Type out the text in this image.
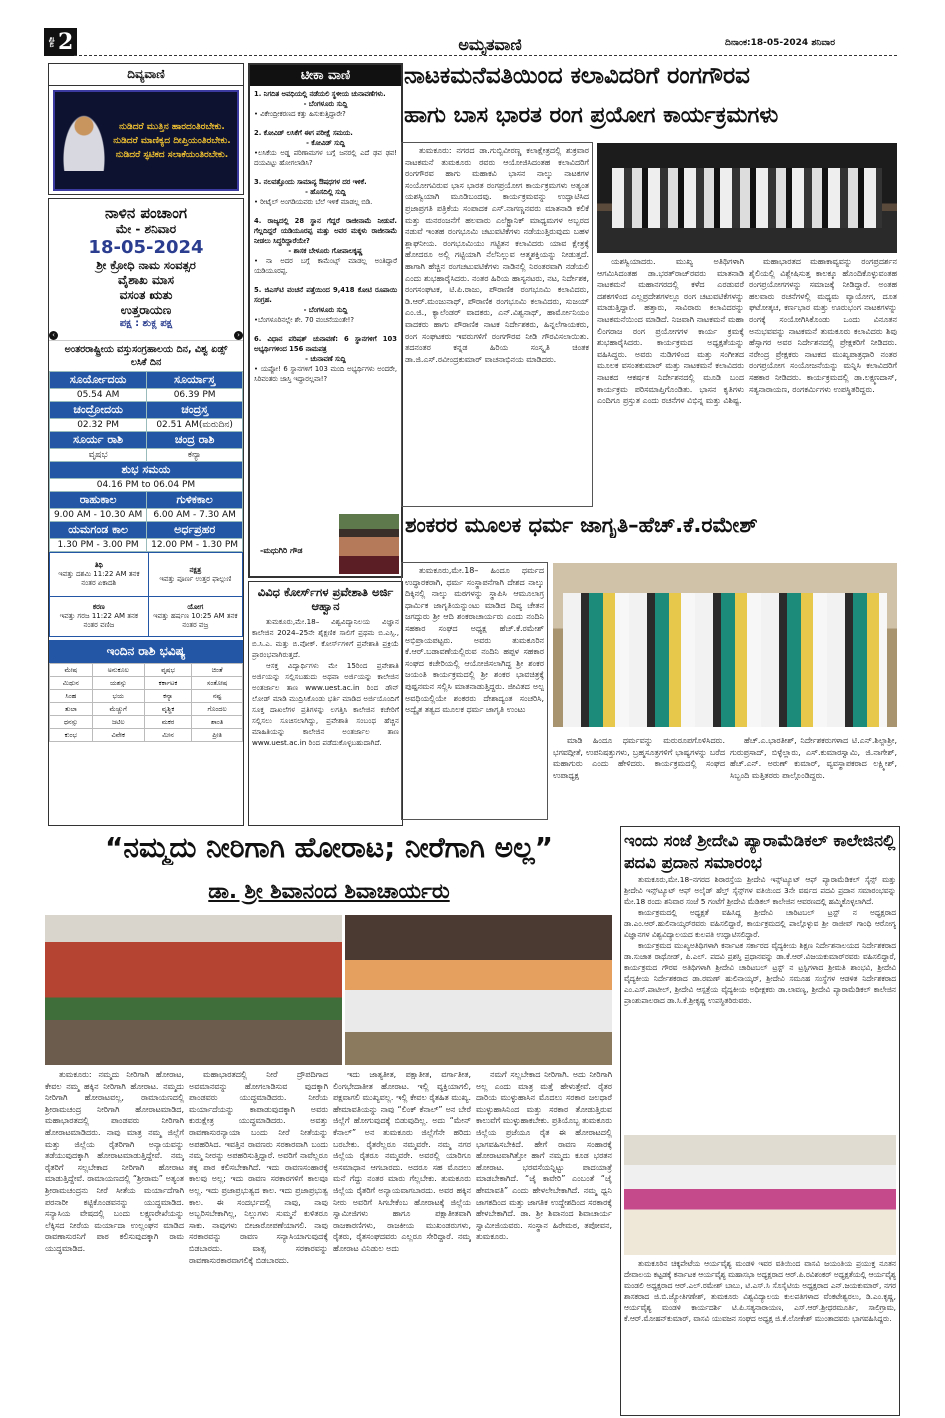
ಪುಟ 2	ಅಮೃತವಾಣಿ	ದಿನಾಂಕ:18-05-2024 ಶನಿವಾರ
ದಿವ್ಯವಾಣಿ
ನುಡಿದರೆ ಮುತ್ತಿನ ಹಾರದಂತಿರಬೇಕು. ನುಡಿದರೆ ಮಾಣಿಕ್ಯದ ದೀಪ್ತಿಯಂತಿರಬೇಕು. ನುಡಿದರೆ ಸ್ಫಟಿಕದ ಸಲಾಕೆಯಂತಿರಬೇಕು.
ನಾಳಿನ ಪಂಚಾಂಗ
ಮೇ - ಶನಿವಾರ
18-05-2024
ಶ್ರೀ ಕ್ರೋಧಿ ನಾಮ ಸಂವತ್ಸರ
ವೈಶಾಖ ಮಾಸ
ವಸಂತ ಋತು
ಉತ್ತರಾಯಣ
ಪಕ್ಷ : ಶುಕ್ಲ ಪಕ್ಷ
‹	›
ಅಂತರರಾಷ್ಟ್ರೀಯ ವಸ್ತುಸಂಗ್ರಹಾಲಯ ದಿನ, ವಿಶ್ವ ಏಡ್ಸ್ ಲಸಿಕೆ ದಿನ
ಸೂರ್ಯೋದಯ	ಸೂರ್ಯಾಸ್ತ
05.54 AM	06.39 PM
ಚಂದ್ರೋದಯ	ಚಂದ್ರಸ್ತ
02.32 PM	02.51 AM(ಮರುದಿನ)
ಸೂರ್ಯ ರಾಶಿ	ಚಂದ್ರ ರಾಶಿ
ವೃಷಭ	ಕನ್ಯಾ
ಶುಭ ಸಮಯ	
04.16 PM to 06.04 PM	
ರಾಹುಕಾಲ	ಗುಳಿಕಕಾಲ
9.00 AM - 10.30 AM	6.00 AM - 7.30 AM
ಯಮಗಂಡ ಕಾಲ	ಅರ್ಧಪ್ರಹರ
1.30 PM - 3.00 PM	12.00 PM - 1.30 PM
ತಿಥಿ
ಇವತ್ತು ದಶಮಿ 11:22 AM ತನಕ ನಂತರ ಏಕಾದಶಿ	ನಕ್ಷತ್ರ
ಇವತ್ತು ಪೂರ್ಣ ಉತ್ತರ ಫಾಲ್ಗುಣಿ
ಕರಣ
ಇವತ್ತು ಗರಜ 11:22 AM ತನಕ ನಂತರ ವಣಿಜ	ಯೋಗ
ಇವತ್ತು ಹರ್ಷಣ 10:25 AM ತನಕ ನಂತರ ವಜ್ರ
ಇಂದಿನ ರಾಶಿ ಭವಿಷ್ಯ
ಮೇಷ	ಅನುಕೂಲ	ವೃಷಭ	ಚಿಂತೆ
ಮಿಥುನ	ಯಶಸ್ಸು	ಕರ್ಕಾಟಕ	ಸಂತೋಷ
ಸಿಂಹ	ಭಯ	ಕನ್ಯಾ	ನಷ್ಟ
ತುಲಾ	ಮೆಚ್ಚುಗೆ	ವೃಶ್ಚಿಕ	ಗೊಂದಲ
ಧನಸ್ಸು	ಜಟಿಲ	ಮಕರ	ಶಾಂತಿ
ಕುಂಭ	ವಿವೇಕ	ಮೀನ	ಪ್ರೀತಿ
ಟೀಕಾ ವಾಣಿ
1. ನಿಗದಿತ ಅವಧಿಯಲ್ಲಿ ನಡೆಯಲಿ ಸ್ಥಳೀಯ ಚುನಾವಣೆಗಳು.
- ಬೆಂಗಳೂರು ಸುದ್ದಿ
• ವಿಕೇಂದ್ರೀಕರಣದ ಕತ್ತು ಹಿಸುಕುತ್ತಿದ್ದಾರೇ?
2. ಕೋವಿಡ್ ಲಸಿಕೆಗೆ ಈಗ ಪರೀಕ್ಷೆ ಸಮಯ.
- ಕೋವಿಡ್ ಸುದ್ದಿ
•ಲಸಿಕೆಯ ಅಡ್ಡ ಪರಿಣಾಮಗಳ ಬಗ್ಗೆ ಜನರಲ್ಲಿ ಎದೆ ಢವ ಢವ! ದಯವಿಟ್ಟು ಹೋಗಲಾಡಿಸಿ?
3. ನಲವತ್ತೊಂದು ಸಾಮಾನ್ಯ ಔಷಧಗಳ ದರ ಇಳಿಕೆ.
- ಹೊಸದಿಲ್ಲಿ ಸುದ್ದಿ
• ರೀಟೈಲ್ ಅಂಗಡಿಯವರು ಬೆಲೆ ಇಳಿಕೆ ಮಾಡಲ್ಲ ಬಿಡಿ.
4. ರಾಜ್ಯದಲ್ಲಿ 28 ಸ್ಥಾನ ಗೆದ್ದರೆ ರಾಜೀನಾಮೆ ನೀಡುವೆ. ಗೆಲ್ಲದಿದ್ದರೆ ಯಡಿಯೂರಪ್ಪ ಮತ್ತು ಅವರ ಮಕ್ಕಳು ರಾಜೀನಾಮೆ ನೀಡಲು ಸಿದ್ಧರಿದ್ದಾರೆಯೇ?
- ಶಾಸಕ ಬೇಳೂರು ಗೋಪಾಲಕೃಷ್ಣ
• ನಾ ಅದರ ಬಗ್ಗೆ ಕಾಮೆಂಟ್ಸ್ ಮಾಡಲ್ಲ ಅಂತಿದ್ದಾರೆ ಯಡಿಯೂರಪ್ಪ.
5. ಜಿಎಸ್‌ಟಿ ವಂಚನೆ ಪತ್ತೆಯಿಂದ 9,418 ಕೋಟಿ ರೂಪಾಯಿ ಸಂಗ್ರಹ.
- ಬೆಂಗಳೂರು ಸುದ್ದಿ
•ಬೆಂಗಳೂರಿನಲ್ಲೇ ಶೇ. 70 ವಂಚನೆಯಂತೇ!?
6. ವಿಧಾನ ಪರಿಷತ್ ಚುನಾವಣೆ: 6 ಸ್ಥಾನಗಳಿಗೆ 103 ಅಭ್ಯರ್ಥಿಗಳಿಂದ 156 ನಾಮಪತ್ರ
- ಚುನಾವಣೆ ಸುದ್ದಿ
• ಯಪ್ಪೋ! 6 ಸ್ಥಾನಗಳಿಗೆ 103 ಮಂದಿ ಅಭ್ಯರ್ಥಿಗಳು ಅಂದರೇ, ಸಿರಿವಂತರು ಜಾಸ್ತಿ ಇದ್ದಾರಲ್ಲವಾ!?
-ಮಧುಗಿರಿ ಗೌಡ
ವಿವಿಧ ಕೋರ್ಸ್‌ಗಳ ಪ್ರವೇಶಾತಿ ಅರ್ಜಿ ಆಹ್ವಾನ

ತುಮಕೂರು,ಮೇ.18– ವಿಶ್ವವಿದ್ಯಾನಿಲಯ ವಿಜ್ಞಾನ ಕಾಲೇಜಿನ 2024–25ನೇ ಶೈಕ್ಷಣಿಕ ಸಾಲಿಗೆ ಪ್ರಥಮ ಬಿ.ಎಸ್ಸಿ., ಬಿ.ಸಿ.ಎ. ಮತ್ತು ಬಿ.ವೋಕ್. ಕೋರ್ಸ್‌ಗಳಿಗೆ ಪ್ರವೇಶಾತಿ ಪ್ರಕ್ರಿಯೆ ಪ್ರಾರಂಭವಾಗಿರುತ್ತದೆ.

ಆಸಕ್ತ ವಿದ್ಯಾರ್ಥಿಗಳು ಮೇ 15ರಿಂದ ಪ್ರವೇಶಾತಿ ಅರ್ಜಿಯನ್ನು ಸಲ್ಲಿಸಬಹುದು ಅಥವಾ ಅರ್ಜಿಯನ್ನು ಕಾಲೇಜಿನ ಅಂತರ್ಜಾಲ ತಾಣ www.uest.ac.in ರಿಂದ ಡೌನ್ ಲೋಡ್ ಮಾಡಿ ಮುದ್ರಿಸಿಕೊಂಡು ಭರ್ತಿ ಮಾಡಿದ ಅರ್ಜಿಯೊಂದಿಗೆ ಸೂಕ್ತ ದಾಖಲೆಗಳ ಪ್ರತಿಗಳನ್ನು ಲಗತ್ತಿಸಿ ಕಾಲೇಜಿನ ಕಚೇರಿಗೆ ಸಲ್ಲಿಸಲು ಸೂಚಿಸಲಾಗಿದ್ದು, ಪ್ರವೇಶಾತಿ ಸಂಬಂಧ ಹೆಚ್ಚಿನ ಮಾಹಿತಿಯನ್ನು ಕಾಲೇಜಿನ ಅಂತರ್ಜಾಲ ತಾಣ www.uest.ac.in ರಿಂದ ಪಡೆದುಕೊಳ್ಳಬಹುದಾಗಿದೆ.

ನಾಟಕಮನೆವತಿಯಿಂದ ಕಲಾವಿದರಿಗೆ ರಂಗಗೌರವ
ಹಾಗು ಬಾಸ ಭಾರತ ರಂಗ ಪ್ರಯೋಗ ಕಾರ್ಯಕ್ರಮಗಳು

ತುಮಕೂರು: ನಗರದ ಡಾ.ಗುಬ್ಬಿವೀರಣ್ಣ ಕಲಾಕ್ಷೇತ್ರದಲ್ಲಿ ಶುಕ್ರವಾರ ನಾಟಕಮನೆ ತುಮಕೂರು ರವರು ಆಯೋಜಿಸಿದಂತಹ ಕಲಾವಿದರಿಗೆ ರಂಗಗೌರವ ಹಾಗು ಮಹಾಕವಿ ಭಾಸನ ನಾಲ್ಕು ನಾಟಕಗಳ ಸಂಯೋಗವಿರುವ ಭಾಸ ಭಾರತ ರಂಗಪ್ರಯೋಗ ಕಾರ್ಯಕ್ರಮಗಳು ಅತ್ಯಂತ ಯಶಸ್ವಿಯಾಗಿ ಮೂಡಿಬಂದವು. ಕಾರ್ಯಕ್ರಮವನ್ನು ಉದ್ಘಾಟಿಸಿದ ಪ್ರಜಾಪ್ರಗತಿ ಪತ್ರಿಕೆಯ ಸಂಪಾದಕ ಎಸ್.ನಾಗಣ್ಣನವರು ಮಾತನಾಡಿ ಕಲಿಕೆ ಮತ್ತು ಮನರಂಜನೆಗೆ ಹಲವಾರು ಎಲೆಕ್ಟ್ರಾನಿಕ್ ಮಾಧ್ಯಮಗಳ ಅಬ್ಬರದ ನಡುವೆ ಇಂತಹ ರಂಗಭೂಮಿ ಚಟುವಟಿಕೆಗಳು ನಡೆಯುತ್ತಿರುವುದು ಬಹಳ ಶ್ಲಾಘನೀಯ. ರಂಗಭೂಮಿಯು ಗಟ್ಟಿತನ ಕಲಾವಿದರು ಯಾವ ಕ್ಷೇತ್ರಕ್ಕೆ ಹೋದರೂ ಅಲ್ಲಿ ಗಟ್ಟಿಯಾಗಿ ನೆಲೆನಿಲ್ಲುವ ಆತ್ಮಶಕ್ತಿಯನ್ನು ನೀಡುತ್ತದೆ. ಹಾಗಾಗಿ ಹೆಚ್ಚಿನ ರಂಗಚಟುವಟಿಕೆಗಳು ನಾಡಿನಲ್ಲಿ ನಿರಂತರವಾಗಿ ನಡೆಯಲಿ ಎಂದು ಶುಭಹಾರೈಸಿದರು. ನಂತರ ಹಿರಿಯ ಹಾಸ್ಯನಟರು, ನಟ, ನಿರ್ದೇಶಕ, ರಂಗಸಂಘಟಕ, ಟಿ.ಪಿ.ರಾಜು, ಪೌರಾಣಿಕ ರಂಗಭೂಮಿ ಕಲಾವಿದರು, ಡಿ.ಆರ್.ಮಂಜುನಾಥ್, ಪೌರಾಣಿಕ ರಂಗಭೂಮಿ ಕಲಾವಿದರು, ಸುಜಯ್ ಎಂ.ಜಿ., ಕ್ಯಾಲೆಂಡರ್ ವಾದಕರು, ಎನ್.ವಿಶ್ವನಾಥ್, ಹಾರ್ಮೋನಿಯಂ ವಾದಕರು ಹಾಗು ಪೌರಾಣಿಕ ನಾಟಕ ನಿರ್ದೇಶಕರು, ಹಿನ್ನಲೆಗಾಯಕರು, ರಂಗ ಸಂಘಟಕರು ಇವರುಗಳಿಗೆ ರಂಗಗೌರವ ನೀಡಿ ಗೌರವಿಸಲಾಯಿತು. ತದನಂತರ ಕನ್ನಡ ಹಿರಿಯ ಸಂಸ್ಕೃತಿ ಚಿಂತಕ ಡಾ.ಜಿ.ಎಸ್.ರವೀಂದ್ರಕುಮಾರ್ ವಾಚನಾಭಿನಯ ಮಾಡಿದರು.

ಯಶಸ್ವಿಯಾದರು. ಮುಖ್ಯ ಅತಿಥಿಗಳಾಗಿ ಆಗಮಿಸಿದಂತಹ ಡಾ.ಭರತ್‌ರಾಜ್‌ರವರು ಮಾತನಾಡಿ ನಾಟಕಮನೆ ಮಹಾನಗರದಲ್ಲಿ ಕಳೆದ ಎರಡುವರೆ ದಶಕಗಳಿಂದ ಎಲ್ಲಪ್ರದೇಶಗಳಲ್ಲೂ ರಂಗ ಚಟುವಟಿಕೆಗಳನ್ನು ಮಾಡುತ್ತಿದ್ದಾರೆ. ಹತ್ತಾರು, ಸಾವಿರಾರು ಕಲಾವಿದರನ್ನು ನಾಟಕಮನೆಯಿಂದ ಮಾಡಿದೆ. ನಿಜವಾಗಿ ನಾಟಕಮನೆ ಮಹಾ ಲಿಂಗರಾಜ ರಂಗ ಪ್ರಯೋಗಗಳ ಕಾರ್ಯ ಕ್ರಮಕ್ಕೆ ಶುಭಹಾರೈಸಿದರು. ಕಾರ್ಯಕ್ರಮದ ಅಧ್ಯಕ್ಷತೆಯನ್ನು ವಹಿಸಿದ್ದರು. ಅವರು ನುಡಿಗಳಿಂದ ಮತ್ತು ಸಂಗೀತದ ಮೂಲಕ ವಸಂತಕುಮಾರ್ ಮತ್ತು ನಾಟಕಮನೆ ಕಲಾವಿದರು ನಾಟಕದ ಆಕರ್ಷಕ ನಿರ್ದೇಶನದಲ್ಲಿ ಮೂಡಿ ಬಂದ ಕಾರ್ಯಕ್ರಮ ಪರಿಸಮಾಪ್ತಿಗೊಂಡಿತು. ಭಾಸನ ಕೃತಿಗಳು ಎಂದಿಗೂ ಪ್ರಸ್ತುತ ಎಂದು ರಚನೆಗಳ ವಿಭಿನ್ನ ಮತ್ತು ವಿಶಿಷ್ಟ.

ಮಹಾಭಾರತದ ಮಹಾಕಾವ್ಯವನ್ನು ರಂಗಪ್ರದರ್ಶನ ಶೈಲಿಯಲ್ಲಿ ವಿಶ್ಲೇಷಿಸುತ್ತ ಕಾಲಕ್ಕೂ ಹೊಂದಿಕೊಳ್ಳುವಂತಹ ರಂಗಪ್ರಯೋಗಗಳನ್ನು ಸಮಾಜಕ್ಕೆ ನೀಡಿದ್ದಾರೆ. ಅಂತಹ ಹಲವಾರು ರಚನೆಗಳಲ್ಲಿ ಮಧ್ಯಮ ವ್ಯಾಯೋಗ, ದೂತ ಘಟೋತ್ಕಚ, ಕರ್ಣಭಾರ ಮತ್ತು ಊರುಭಂಗ ನಾಟಕಗಳನ್ನು ರಂಗಕ್ಕೆ ಸಂಯೋಗಿಸಿಕೊಂಡು ಒಂದು ವಿನೂತನ ಅನುಭವವನ್ನು ನಾಟಕಮನೆ ತುಮಕೂರು ಕಲಾವಿದರು ಶಿವು ಹೆಸ್ಸಾಗರ ಅವರ ನಿರ್ದೇಶನದಲ್ಲಿ ಪ್ರೇಕ್ಷಕರಿಗೆ ನೀಡಿದರು. ನರೇಂದ್ರ ಪ್ರೇಕ್ಷಕರು ನಾಟಕದ ಮುಖ್ಯಪಾತ್ರಧಾರಿ ನಂತರ ರಂಗಪ್ರಯೋಗ ಸಂಯೋಜನೆಯನ್ನು ಮನ್ನಿಸಿ ಕಲಾವಿದರಿಗೆ ಸಹಕಾರ ನೀಡಿದರು. ಕಾರ್ಯಕ್ರಮದಲ್ಲಿ ಡಾ.ಲಕ್ಷ್ಮಣದಾಸ್, ಸತ್ಯನಾರಾಯಣ, ರಂಗಕರ್ಮಿಗಳು ಉಪಸ್ಥಿತರಿದ್ದರು.

ಶಂಕರರ ಮೂಲಕ ಧರ್ಮ ಜಾಗೃತಿ–ಹೆಚ್.ಕೆ.ರಮೇಶ್

ತುಮಕೂರು,ಮೇ.18– ಹಿಂದೂ ಧರ್ಮದ ಉದ್ಧಾರಕರಾಗಿ, ಧರ್ಮ ಸಂಸ್ಥಾಪನೆಗಾಗಿ ದೇಶದ ನಾಲ್ಕು ದಿಕ್ಕಿನಲ್ಲಿ ನಾಲ್ಕು ಮಠಗಳನ್ನು ಸ್ಥಾಪಿಸಿ ಆಮೂಲಾಗ್ರ ಧಾರ್ಮಿಕ ಜಾಗೃತಿಯನ್ನುಂಟು ಮಾಡಿದ ದಿವ್ಯ ಚೇತನ ಜಗದ್ಗುರು ಶ್ರೀ ಆದಿ ಶಂಕರಾಚಾರ್ಯರು ಎಂದು ನಂದಿನಿ ಸಹಕಾರ ಸಂಘದ ಅಧ್ಯಕ್ಷ ಹೆಚ್.ಕೆ.ರಮೇಶ್ ಅಭಿಪ್ರಾಯಪಟ್ಟರು. ಅವರು ತುಮಕೂರಿನ ಕೆ.ಆರ್.ಬಡಾವಣೆಯಲ್ಲಿರುವ ನಂದಿನಿ ಹಪ್ಪಳ ಸಹಕಾರ ಸಂಘದ ಕಚೇರಿಯಲ್ಲಿ ಆಯೋಜಿಸಲಾಗಿದ್ದ ಶ್ರೀ ಶಂಕರ ಜಯಂತಿ ಕಾರ್ಯಕ್ರಮದಲ್ಲಿ ಶ್ರೀ ಶಂಕರ ಭಾವಚಿತ್ರಕ್ಕೆ ಪುಷ್ಪನಮನ ಸಲ್ಲಿಸಿ ಮಾತನಾಡುತ್ತಿದ್ದರು. ಜೀವಿತದ ಅಲ್ಪ ಅವಧಿಯಲ್ಲಿಯೇ ಶಂಕರರು ದೇಶಾದ್ಯಂತ ಸಂಚರಿಸಿ, ಅದ್ವೈತ ತತ್ವದ ಮೂಲಕ ಧರ್ಮ ಜಾಗೃತಿ ಉಂಟು

ಮಾಡಿ ಹಿಂದೂ ಧರ್ಮವನ್ನು ಮರುರೂಪಗೊಳಿಸಿದರು. ಭಗವದ್ಗೀತೆ, ಉಪನಿಷತ್ತುಗಳು, ಬ್ರಹ್ಮಸೂತ್ರಗಳಿಗೆ ಭಾಷ್ಯಗಳನ್ನು ಬರೆದ ಮಹಾಗುರು ಎಂದು ಹೇಳಿದರು. ಕಾರ್ಯಕ್ರಮದಲ್ಲಿ ಸಂಘದ ಉಪಾಧ್ಯಕ್ಷ

ಹೆಚ್.ಎ.ಭಾರತೀಶ್, ನಿರ್ದೇಶಕರುಗಳಾದ ಟಿ.ಎನ್.ಶಿಲ್ಪಾಶ್ರೀ, ಗುರುಪ್ರಸಾದ್, ಬಿಳ್ಳೆಲ್ಲಾರು, ಎಸ್.ಕುಮಾರಸ್ವಾಮಿ, ಜಿ.ನಾಗೇಶ್, ಹೆಚ್.ಎನ್. ಅರುಣ್ ಕುಮಾರ್, ವ್ಯವಸ್ಥಾಪಕರಾದ ಲಕ್ಷ್ಮೀಶ್, ಸಿಬ್ಬಂದಿ ಮತ್ತಿತರರು ಪಾಲ್ಗೊಂಡಿದ್ದರು.

“ನಮ್ಮದು ನೀರಿಗಾಗಿ ಹೋರಾಟ; ನೀರೆಗಾಗಿ ಅಲ್ಲ”
ಡಾ. ಶ್ರೀ ಶಿವಾನಂದ ಶಿವಾಚಾರ್ಯರು

ತುಮಕೂರು: ನಮ್ಮದು ನೀರಿಗಾಗಿ ಹೋರಾಟ, ಕೇವಲ ನಮ್ಮ ಹಕ್ಕಿನ ನೀರಿಗಾಗಿ ಹೋರಾಟ. ನಮ್ಮದು ನೀರಿಗಾಗಿ ಹೋರಾಟವಲ್ಲ, ರಾಮಾಯಣದಲ್ಲಿ ಶ್ರೀರಾಮಚಂದ್ರ ನೀರಿಗಾಗಿ ಹೋರಾಟಮಾಡಿದ, ಮಹಾಭಾರತದಲ್ಲಿ ಪಾಂಡವರು ನೀರಿಗಾಗಿ ಹೋರಾಟಮಾಡಿದರು. ನಾವು ಮಾತ್ರ ನಮ್ಮ ಜಿಲ್ಲೆಗೆ ಮತ್ತು ಜಿಲ್ಲೆಯ ರೈತರಿಗಾಗಿ ಅನ್ಯಾಯವನ್ನು ತಡೆಯುವುದಕ್ಕಾಗಿ ಹೋರಾಟಮಾಡುತ್ತಿದ್ದೇವೆ. ನಮ್ಮ ರೈತರಿಗೆ ಸಲ್ಲಬೇಕಾದ ನೀರಿಗಾಗಿ ಹೋರಾಟ ಮಾಡುತ್ತಿದ್ದೇವೆ. ರಾಮಾಯಣದಲ್ಲಿ “ಶ್ರೀರಾಮ” ಅತ್ಯಂತ ಶ್ರೀರಾಮಚಂದ್ರನು ನೀರೆ ಸೀತೆಯ ಮರ್ಯಾದೆಗಾಗಿ ಪರನಾರೀ ಕಟ್ಟಿಕೊಂಡವನನ್ನು ಯುದ್ಧಮಾಡಿದ. ಸನ್ಯಾಸಿಯ ವೇಷದಲ್ಲಿ ಬಂದು ಲಕ್ಷ್ಮಣರೇಖೆಯನ್ನು ಲೆಕ್ಕಿಸದ ನೀರೆಯ ಮರ್ಯಾದಾ ಉಲ್ಲಂಘನ ಮಾಡಿದ ರಾವಣಾಸುರನಿಗೆ ಪಾಠ ಕಲಿಸುವುದಕ್ಕಾಗಿ ರಾಮ ಯುದ್ಧಮಾಡಿದ.

ಮಹಾಭಾರತದಲ್ಲಿ ನೀರೆ ದ್ರೌಪದಿಗಾದ ಅವಮಾನವನ್ನು ಹೋಗಲಾಡಿಸುವ ವುದಕ್ಕಾಗಿ ಪಾಂಡವರು ಯುದ್ಧಮಾಡಿದರು. ನೀರೆಯ ಮರ್ಯಾದೆಯನ್ನು ಕಾಪಾಡುವುದಕ್ಕಾಗಿ ಅವರು ಕುರುಕ್ಷೇತ್ರ ಯುದ್ಧಮಾಡಿದರು. ಅವತ್ತು ರಾವಣಾಸುರನ್ಯಾಯಾ ಬಂದು ನೀರೆ ನೀತೆಯನ್ನು ಅಪಹರಿಸಿದ. ಇವತ್ತಿನ ರಾವಣರು ಸರಕಾರವಾಗಿ ಬಂದು ನಮ್ಮ ನೀರನ್ನು ಅಪಹರಿಸುತ್ತಿದ್ದಾರೆ. ಅವರಿಗೆ ನಾವೆಲ್ಲರೂ ತಕ್ಕ ಪಾಠ ಕಲಿಸಬೇಕಾಗಿದೆ. ಇದು ರಾವಣಸಂಹಾರಕ್ಕೆ ಕಾಲವು ಅಲ್ಲ; ಇದು ರಾವಣ ಸರಕಾರಗಳಿಗೆ ಕಾಲವೂ ಅಲ್ಲ. ಇದು ಪ್ರಜಾಪ್ರಭುತ್ವದ ಕಾಲ. ಇದು ಪ್ರಜಾಪ್ರಭುತ್ವ ಕಾಲ. ಈ ಸಂದರ್ಭದಲ್ಲಿ ನಾವು, ನಾವು ಅಬ್ಬರಿಸಬೇಕಾಗಿಲ್ಲ, ನಿಲ್ಲುಗಳು ಸುಮ್ಮನೆ ಕುಳಿತರೂ ಸಾಕು. ನಾವುಗಳು ಬೀಜಾರೋಪಣೆಯಾಗಲಿ. ನಾವು ಸರಕಾರವನ್ನು ರಾವಣ ಸನ್ಯಾಸಿಯಾಗುವುದಕ್ಕೆ ಬಿಡಬಾರದು. ವಾತ್ಸ ಸರಕಾರವನ್ನು ರಾವಣಾಸುರಕಾರವಾಗಲಿಕ್ಕೆ ಬಿಡಬಾರದು.

ಇದು ಜಾತ್ಯತೀತ, ಪಕ್ಷಾತೀತ, ವರ್ಗಾತೀತ, ಲಿಂಗಭೇದಾತೀತ ಹೋರಾಟ. ಇಲ್ಲಿ ವ್ಯಕ್ತಿಯಾಗಲಿ, ಪಕ್ಷವಾಗಲಿ ಮುಖ್ಯವಲ್ಲ. ಇಲ್ಲಿ ಕೇವಲ ರೈತಹಿತ ಮುಖ್ಯ. ಹೇಮಾವತಿಯನ್ನು ನಾವು “ಲಿಂಕ್ ಕೆನಾಲ್” ಅನ ಬೇರೆ ಜಿಲ್ಲೆಗೆ ಹೋಗುವುದಕ್ಕೆ ಬಿಡುವುದಿಲ್ಲ. ಅದು “ಮೇನ್ ಕೆನಾಲ್” ಅನ ತುಮಕೂರು ಜಿಲ್ಲೆಗೆನೇ ಹರಿದು ಬರಬೇಕು. ರೈತರೆಲ್ಲರೂ ನಮ್ಮವರೇ. ನಮ್ಮ ನಗರ ಜಿಲ್ಲೆಯ ರೈತರೂ ನಮ್ಮವರೇ. ಅವರಲ್ಲಿ ಯಾರಿಗೂ ಅಸಮಾಧಾನ ಆಗಬಾರದು. ಅದರೂ ಸಹ ಮೊದಲು ಮನೆ ಗೆದ್ದು ನಂತರ ಮಾರು ಗೆಲ್ಲಬೇಕು. ತುಮಕೂರು ಜಿಲ್ಲೆಯ ರೈತರಿಗೆ ಅನ್ಯಾಯವಾಗಬಾರದು. ಅವರ ಹಕ್ಕಿನ ನೀರು ಅವರಿಗೆ ಸಿಗಬೇಕೆಂಬ ಹೋರಾಟಕ್ಕೆ ಜಿಲ್ಲೆಯ ಸ್ವಾಮೀಜಿಗಳು ಹಾಗೂ ಪಕ್ಷಾತೀತವಾಗಿ ರಾಜಕಾರಣಿಗಳು, ರಾಜಕೀಯ ಮುಖಂಡರುಗಳು, ರೈತರು, ರೈತಸಂಘದವರು ಎಲ್ಲರೂ ಸೇರಿದ್ದಾರೆ. ನಮ್ಮ ಹೋರಾಟ ವಿನಿಡುಲ ಅದು

ನಮಗೆ ಸಲ್ಲಬೇಕಾದ ನೀರಿಗಾಗಿ. ಅದು ನೀರಿಗಾಗಿ ಅಲ್ಲ ಎಂದು ಮಾತ್ರ ಮತ್ತೆ ಹೇಳುತ್ತೇವೆ. ರೈತರ ದಾರಿಯ ಮುಳ್ಳುಹಾಸಿನ ಮೊದಲು ಸರಕಾರ ಜಲಧಾರೆ ಮುಳ್ಳುಹಾಸಿನಿಂದ ಮತ್ತು ಸರಕಾರ ತೋಡುತ್ತಿರುವ ಕಾಲುವೆಗೆ ಮುಳ್ಳುಹಾಕಬೇಕು. ಪ್ರತಿಯೊಬ್ಬ ತುಮಕೂರು ಜಿಲ್ಲೆಯ ಪ್ರಜೆಯೂ ರೈತ ಈ ಹೋರಾಟದಲ್ಲಿ ಭಾಗವಹಿಸಬೇಕಿದೆ. ಹೇಗೆ ರಾವಣ ಸಂಹಾರಕ್ಕೆ ಹೋರಾಟವಾಗಿತ್ತೋ ಹಾಗೆ ನಮ್ಮದು ಕೂಡ ಭರತನ ಹೋರಾಟ. ಭರವಸೆಯನ್ನಿಟ್ಟು ಪಾದಯಾತ್ರೆ ಮಾಡಬೇಕಾಗಿದೆ. “ಜೈ ಕಾವೇರಿ” ಎಂಬಂತೆ “ಜೈ ಹೇಮಾವತಿ” ಎಂದು ಹೇಳಲೇಬೇಕಾಗಿದೆ. ನಮ್ಮ ಧ್ವನಿ ಜಾಗಕದಿಂದ ಮತ್ತು ಜಾಗತಿಕ ಉದ್ದೇಶದಿಂದ ಸರಕಾರಕ್ಕೆ ಹೇಳಬೇಕಾಗಿದೆ. ಡಾ. ಶ್ರೀ ಶಿವಾನಂದ ಶಿವಾಚಾರ್ಯ ಸ್ವಾಮೀಜಿಯವರು. ಸಂಸ್ಥಾನ ಹಿರೇಮಠ, ತಪೋವನ, ತುಮಕೂರು.

ಇಂದು ಸಂಜೆ ಶ್ರೀದೇವಿ ಪ್ಯಾರಾಮೆಡಿಕಲ್ ಕಾಲೇಜಿನಲ್ಲಿ ಪದವಿ ಪ್ರದಾನ ಸಮಾರಂಭ

ತುಮಕೂರು,ಮೇ.18–ನಗರದ ಶಿರಾರಸ್ತೆಯ ಶ್ರೀದೇವಿ ಇನ್ಸ್‌ಟ್ಯೂಟ್ ಆಫ್ ಪ್ಯಾರಾಮೆಡಿಕಲ್ ಸೈನ್ಸ್ ಮತ್ತು ಶ್ರೀದೇವಿ ಇನ್ಸ್‌ಟ್ಯೂಟ್ ಆಫ್ ಅಲೈಡ್ ಹೆಲ್ತ್ ಸೈನ್ಸ್‌ಗಳ ವತಿಯಿಂದ 3ನೇ ವರ್ಷದ ಪದವಿ ಪ್ರದಾನ ಸಮಾರಂಭವನ್ನು ಮೇ.18 ರಂದು ಶನಿವಾರ ಸಂಜೆ 5 ಗಂಟೆಗೆ ಶ್ರೀದೇವಿ ಮೆಡಿಕಲ್ ಕಾಲೇಜಿನ ಆವರಣದಲ್ಲಿ ಹಮ್ಮಿಕೊಳ್ಳಲಾಗಿದೆ.

ಕಾರ್ಯಕ್ರಮದಲ್ಲಿ ಅಧ್ಯಕ್ಷತೆ ವಹಿಸಿದ್ದ ಶ್ರೀದೇವಿ ಚಾರಿಟಬಲ್ ಟ್ರಸ್ಟ್ ನ ಅಧ್ಯಕ್ಷರಾದ ಡಾ.ಎಂ.ಆರ್.ಹುಲಿನಾಯ್ಕರ್‌ರವರು ವಹಿಸಲಿದ್ದಾರೆ, ಕಾರ್ಯಕ್ರಮದಲ್ಲಿ ಪಾಲ್ಗೊಳ್ಳುವ ಶ್ರೀ ರಾಜೀವ್ ಗಾಂಧಿ ಆರೋಗ್ಯ ವಿಜ್ಞಾನಗಳ ವಿಶ್ವವಿದ್ಯಾಲಯದ ಕುಲಪತಿ ಉದ್ಘಾಟಿಸಲಿದ್ದಾರೆ.

ಕಾರ್ಯಕ್ರಮದ ಮುಖ್ಯಅತಿಥಿಗಳಾಗಿ ಕರ್ನಾಟಕ ಸರ್ಕಾರದ ವೈದ್ಯಕೀಯ ಶಿಕ್ಷಣ ನಿರ್ದೇಶನಾಲಯದ ನಿರ್ದೇಶಕರಾದ ಡಾ.ಸುಜಾತ ರಾಥೋಡ್, ಪಿ.ಎಲ್. ಪದವಿ ಪ್ರಶಸ್ತಿ ಪ್ರಧಾನವನ್ನು ಡಾ.ಕೆ.ಆರ್.ವಿಜಯಕುಮಾರ್‌ರವರು ವಹಿಸಲಿದ್ದಾರೆ, ಕಾರ್ಯಕ್ರಮದ ಗೌರವ ಅತಿಥಿಗಳಾಗಿ ಶ್ರೀದೇವಿ ಚಾರಿಟಬಲ್ ಟ್ರಸ್ಟ್ ನ ಟ್ರಸ್ಟಿಗಳಾದ ಶ್ರೀಮತಿ ಶಾಂಭವಿ, ಶ್ರೀದೇವಿ ವೈದ್ಯಕೀಯ ನಿರ್ದೇಶಕರಾದ ಡಾ.ರಮಣ್ ಹುಲಿನಾಯ್ಕರ್, ಶ್ರೀದೇವಿ ಸಮೂಹ ಸಂಸ್ಥೆಗಳ ಆಡಳಿತ ನಿರ್ದೇಶಕರಾದ ಎಂ.ಎಸ್.ಪಾಟೀಲ್, ಶ್ರೀದೇವಿ ಆಸ್ಪತ್ರೆಯ ವೈದ್ಯಕೀಯ ಅಧೀಕ್ಷಕರು ಡಾ.ಲಾವಣ್ಯ, ಶ್ರೀದೇವಿ ಪ್ಯಾರಾಮೆಡಿಕಲ್ ಕಾಲೇಜಿನ ಪ್ರಾಂಶುಪಾಲರಾದ ಡಾ.ಸಿ.ಕೆ.ಶ್ರೀಕೃಷ್ಣ ಉಪಸ್ಥಿತರಿರುವರು.

ತುಮಕೂರಿನ ಚಿಕ್ಕಪೇಟೆಯ ಆರ್ಯವೈಶ್ಯ ಮಂಡಳಿ ಇವರ ವತಿಯಿಂದ ವಾಸವಿ ಜಯಂತಿಯ ಪ್ರಯುಕ್ತ ನೂತನ ದೇವಾಲಯ ಕಟ್ಟಡಕ್ಕೆ ಕರ್ನಾಟಕ ಆರ್ಯವೈಶ್ಯ ಮಹಾಸಭಾ ಅಧ್ಯಕ್ಷರಾದ ಆರ್.ಪಿ.ರವಿಶಂಕರ್ ಅಧ್ಯಕ್ಷತೆಯಲ್ಲಿ ಆರ್ಯವೈಶ್ಯ ಮಂಡಲಿ ಅಧ್ಯಕ್ಷರಾದ ಆರ್.ಎಲ್.ರಮೇಶ್ ಬಾಬು, ಟಿ.ಎಸ್.ಸಿ ಸೊಸೈಟಿಯ ಅಧ್ಯಕ್ಷರಾದ ಎನ್.ಜಯಕುಮಾರ್, ನಗರ ಶಾಸಕರಾದ ಜಿ.ಬಿ.ಜ್ಯೋತಿಗಣೇಶ್, ತುಮಕೂರು ವಿಶ್ವವಿದ್ಯಾಲಯ ಕುಲಪತಿಗಳಾದ ವೆಂಕಟೇಶ್ವರಲು, ಡಿ.ಎಂ.ಕೃಷ್ಣ, ಆರ್ಯವೈಶ್ಯ ಮಂಡಳಿ ಕಾರ್ಯದರ್ಶಿ ಟಿ.ಪಿ.ಸತ್ಯನಾರಾಯಣ, ಎಸ್.ಆರ್.ಶ್ರೀಧರಮೂರ್ತಿ, ಸಾಲಿಗ್ರಾಮ, ಕೆ.ಆರ್.ಮೋಹನ್‌ಕುಮಾರ್, ವಾಸವಿ ಯುವಜನ ಸಂಘದ ಅಧ್ಯಕ್ಷ ಜಿ.ಕೆ.ಲೋಕೇಶ್ ಮುಂತಾದವರು ಭಾಗವಹಿಸಿದ್ದರು.
